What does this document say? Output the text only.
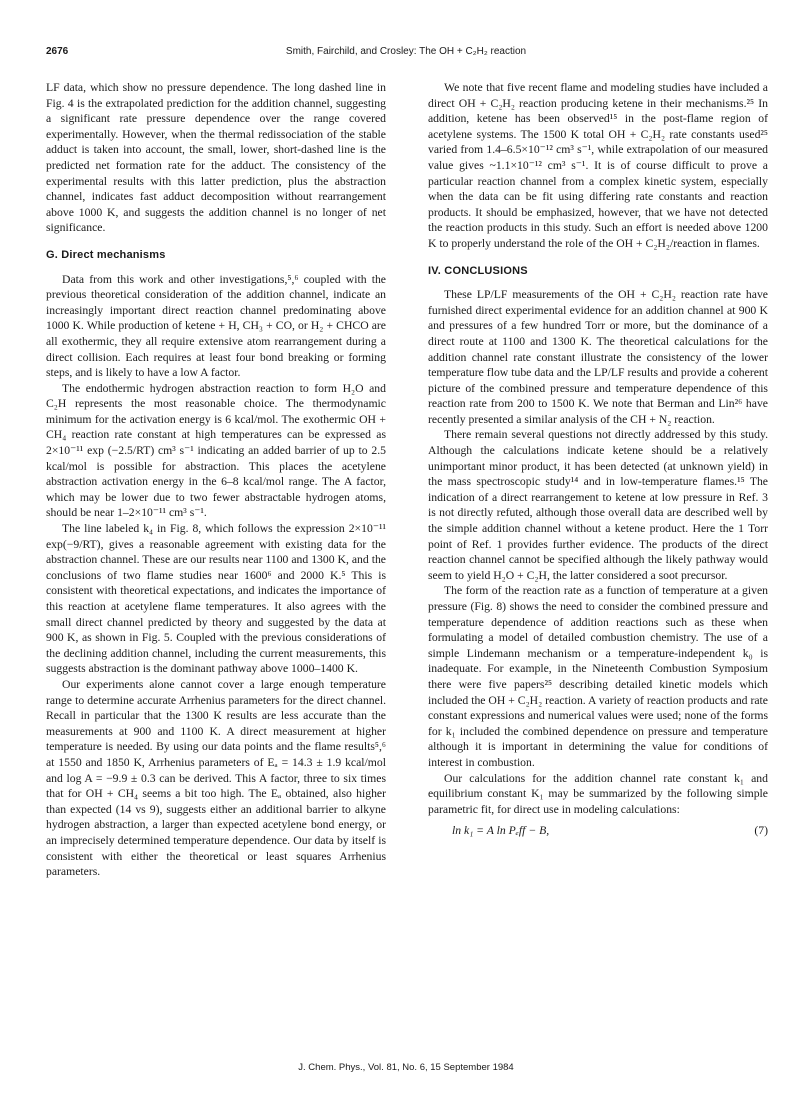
2676	Smith, Fairchild, and Crosley: The OH + C₂H₂ reaction

LF data, which show no pressure dependence. The long dashed line in Fig. 4 is the extrapolated prediction for the addition channel, suggesting a significant rate pressure dependence over the range covered experimentally. However, when the thermal redissociation of the stable adduct is taken into account, the small, lower, short-dashed line is the predicted net formation rate for the adduct. The consistency of the experimental results with this latter prediction, plus the abstraction channel, indicates fast adduct decomposition without rearrangement above 1000 K, and suggests the addition channel is no longer of net significance.

G. Direct mechanisms

Data from this work and other investigations,⁵,⁶ coupled with the previous theoretical consideration of the addition channel, indicate an increasingly important direct reaction channel predominating above 1000 K. While production of ketene + H, CH₃ + CO, or H₂ + CHCO are all exothermic, they all require extensive atom rearrangement during a direct collision. Each requires at least four bond breaking or forming steps, and is likely to have a low A factor.

The endothermic hydrogen abstraction reaction to form H₂O and C₂H represents the most reasonable choice. The thermodynamic minimum for the activation energy is 6 kcal/mol. The exothermic OH + CH₄ reaction rate constant at high temperatures can be expressed as 2×10⁻¹¹ exp (−2.5/RT) cm³ s⁻¹ indicating an added barrier of up to 2.5 kcal/mol is possible for abstraction. This places the acetylene abstraction activation energy in the 6–8 kcal/mol range. The A factor, which may be lower due to two fewer abstractable hydrogen atoms, should be near 1–2×10⁻¹¹ cm³ s⁻¹.

The line labeled k₄ in Fig. 8, which follows the expression 2×10⁻¹¹ exp(−9/RT), gives a reasonable agreement with existing data for the abstraction channel. These are our results near 1100 and 1300 K, and the conclusions of two flame studies near 1600⁶ and 2000 K.⁵ This is consistent with theoretical expectations, and indicates the importance of this reaction at acetylene flame temperatures. It also agrees with the small direct channel predicted by theory and suggested by the data at 900 K, as shown in Fig. 5. Coupled with the previous considerations of the declining addition channel, including the current measurements, this suggests abstraction is the dominant pathway above 1000–1400 K.

Our experiments alone cannot cover a large enough temperature range to determine accurate Arrhenius parameters for the direct channel. Recall in particular that the 1300 K results are less accurate than the measurements at 900 and 1100 K. A direct measurement at higher temperature is needed. By using our data points and the flame results⁵,⁶ at 1550 and 1850 K, Arrhenius parameters of Eₐ = 14.3 ± 1.9 kcal/mol and log A = −9.9 ± 0.3 can be derived. This A factor, three to six times that for OH + CH₄ seems a bit too high. The Eₐ obtained, also higher than expected (14 vs 9), suggests either an additional barrier to alkyne hydrogen abstraction, a larger than expected acetylene bond energy, or an imprecisely determined temperature dependence. Our data by itself is consistent with either the theoretical or least squares Arrhenius parameters.

We note that five recent flame and modeling studies have included a direct OH + C₂H₂ reaction producing ketene in their mechanisms.²⁵ In addition, ketene has been observed¹⁵ in the post-flame region of acetylene systems. The 1500 K total OH + C₂H₂ rate constants used²⁵ varied from 1.4–6.5×10⁻¹² cm³ s⁻¹, while extrapolation of our measured value gives ~1.1×10⁻¹² cm³ s⁻¹. It is of course difficult to prove a particular reaction channel from a complex kinetic system, especially when the data can be fit using differing rate constants and reaction products. It should be emphasized, however, that we have not detected the reaction products in this study. Such an effort is needed above 1200 K to properly understand the role of the OH + C₂H₂/reaction in flames.

IV. CONCLUSIONS

These LP/LF measurements of the OH + C₂H₂ reaction rate have furnished direct experimental evidence for an addition channel at 900 K and pressures of a few hundred Torr or more, but the dominance of a direct route at 1100 and 1300 K. The theoretical calculations for the addition channel rate constant illustrate the consistency of the lower temperature flow tube data and the LP/LF results and provide a coherent picture of the combined pressure and temperature dependence of this reaction rate from 200 to 1500 K. We note that Berman and Lin²⁶ have recently presented a similar analysis of the CH + N₂ reaction.

There remain several questions not directly addressed by this study. Although the calculations indicate ketene should be a relatively unimportant minor product, it has been detected (at unknown yield) in the mass spectroscopic study¹⁴ and in low-temperature flames.¹⁵ The indication of a direct rearrangement to ketene at low pressure in Ref. 3 is not directly refuted, although those overall data are described well by the simple addition channel without a ketene product. Here the 1 Torr point of Ref. 1 provides further evidence. The products of the direct reaction channel cannot be specified although the likely pathway would seem to yield H₂O + C₂H, the latter considered a soot precursor.

The form of the reaction rate as a function of temperature at a given pressure (Fig. 8) shows the need to consider the combined pressure and temperature dependence of addition reactions such as these when formulating a model of detailed combustion chemistry. The use of a simple Lindemann mechanism or a temperature-independent k₀ is inadequate. For example, in the Nineteenth Combustion Symposium there were five papers²⁵ describing detailed kinetic models which included the OH + C₂H₂ reaction. A variety of reaction products and rate constant expressions and numerical values were used; none of the forms for k₁ included the combined dependence on pressure and temperature although it is important in determining the value for conditions of interest in combustion.

Our calculations for the addition channel rate constant k₁ and equilibrium constant K₁ may be summarized by the following simple parametric fit, for direct use in modeling calculations:

ln k₁ = A ln Pₑff − B,	(7)
J. Chem. Phys., Vol. 81, No. 6, 15 September 1984
